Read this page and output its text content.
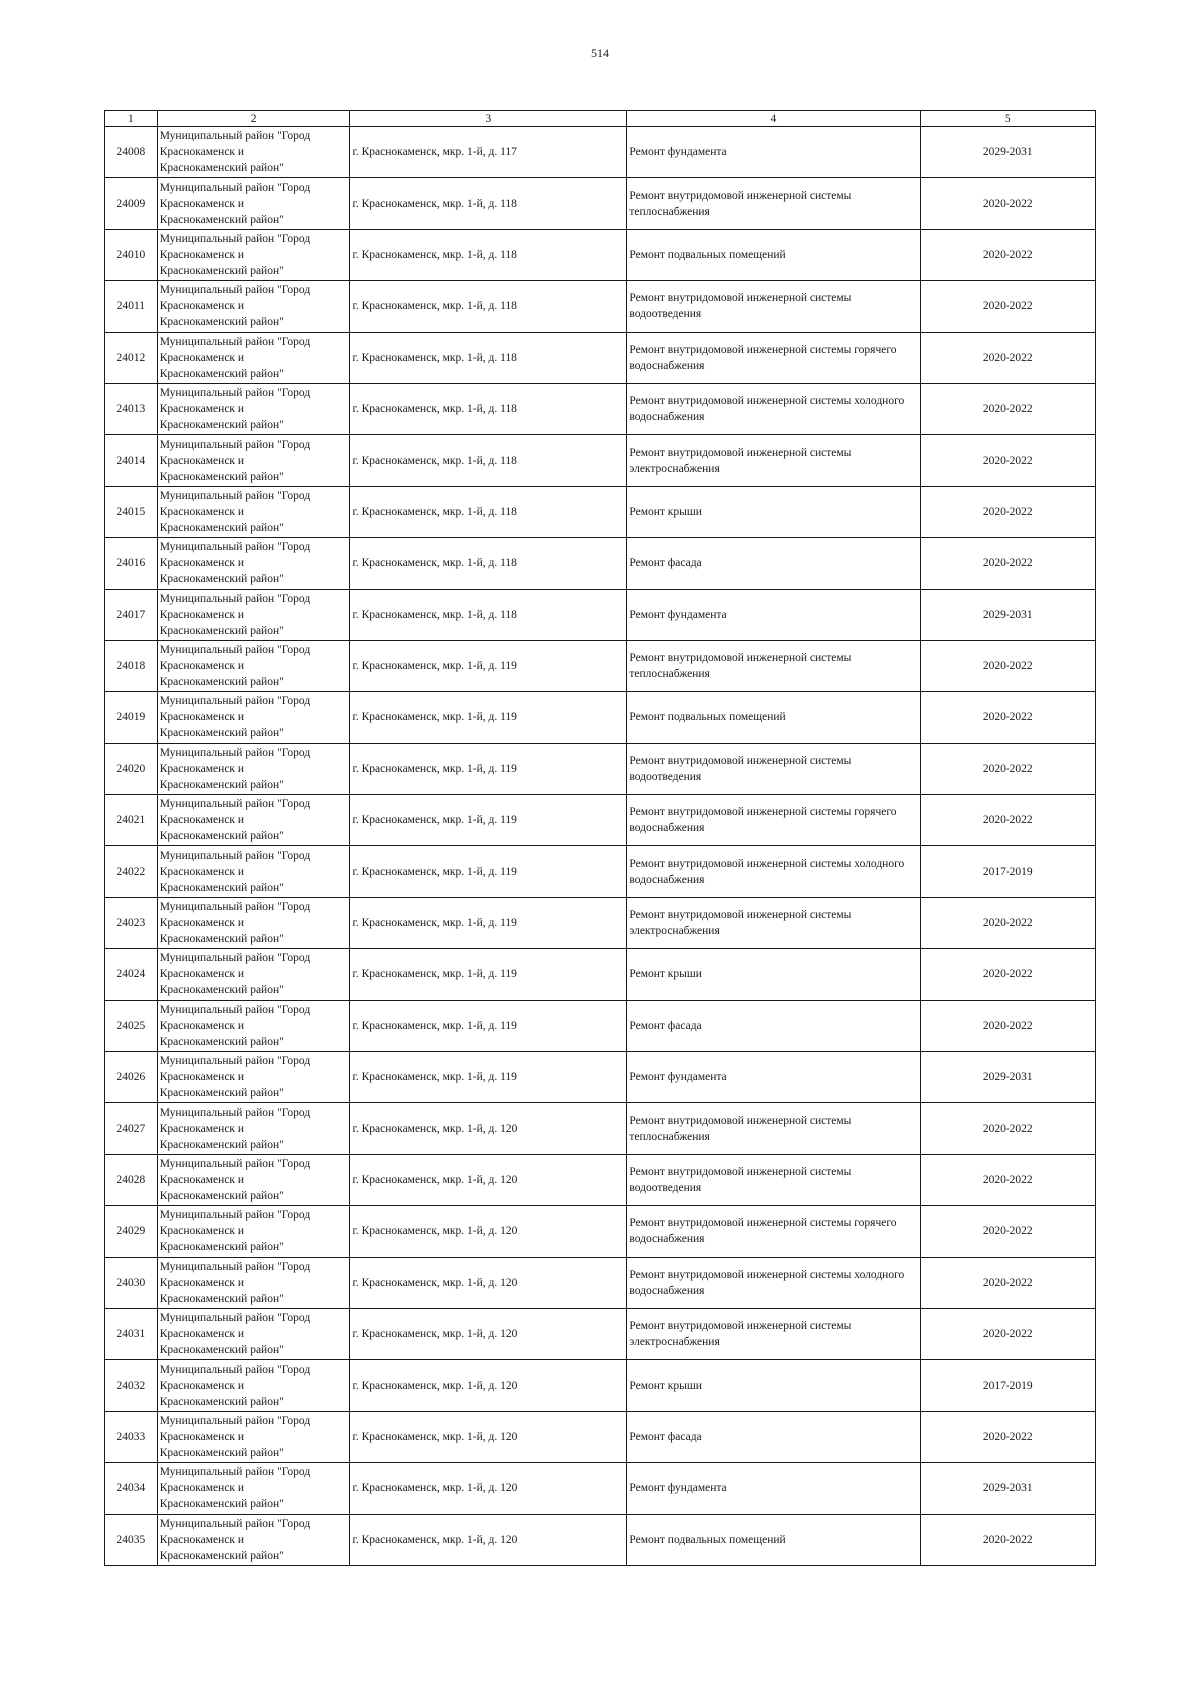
514
1	2	3	4	5
24008	Муниципальный район "Город
Краснокаменск и
Краснокаменский район"	г. Краснокаменск, мкр. 1-й, д. 117	Ремонт фундамента	2029-2031
24009	Муниципальный район "Город
Краснокаменск и
Краснокаменский район"	г. Краснокаменск, мкр. 1-й, д. 118	Ремонт внутридомовой инженерной системы теплоснабжения	2020-2022
24010	Муниципальный район "Город
Краснокаменск и
Краснокаменский район"	г. Краснокаменск, мкр. 1-й, д. 118	Ремонт подвальных помещений	2020-2022
24011	Муниципальный район "Город
Краснокаменск и
Краснокаменский район"	г. Краснокаменск, мкр. 1-й, д. 118	Ремонт внутридомовой инженерной системы водоотведения	2020-2022
24012	Муниципальный район "Город
Краснокаменск и
Краснокаменский район"	г. Краснокаменск, мкр. 1-й, д. 118	Ремонт внутридомовой инженерной системы горячего водоснабжения	2020-2022
24013	Муниципальный район "Город
Краснокаменск и
Краснокаменский район"	г. Краснокаменск, мкр. 1-й, д. 118	Ремонт внутридомовой инженерной системы холодного водоснабжения	2020-2022
24014	Муниципальный район "Город
Краснокаменск и
Краснокаменский район"	г. Краснокаменск, мкр. 1-й, д. 118	Ремонт внутридомовой инженерной системы электроснабжения	2020-2022
24015	Муниципальный район "Город
Краснокаменск и
Краснокаменский район"	г. Краснокаменск, мкр. 1-й, д. 118	Ремонт крыши	2020-2022
24016	Муниципальный район "Город
Краснокаменск и
Краснокаменский район"	г. Краснокаменск, мкр. 1-й, д. 118	Ремонт фасада	2020-2022
24017	Муниципальный район "Город
Краснокаменск и
Краснокаменский район"	г. Краснокаменск, мкр. 1-й, д. 118	Ремонт фундамента	2029-2031
24018	Муниципальный район "Город
Краснокаменск и
Краснокаменский район"	г. Краснокаменск, мкр. 1-й, д. 119	Ремонт внутридомовой инженерной системы теплоснабжения	2020-2022
24019	Муниципальный район "Город
Краснокаменск и
Краснокаменский район"	г. Краснокаменск, мкр. 1-й, д. 119	Ремонт подвальных помещений	2020-2022
24020	Муниципальный район "Город
Краснокаменск и
Краснокаменский район"	г. Краснокаменск, мкр. 1-й, д. 119	Ремонт внутридомовой инженерной системы водоотведения	2020-2022
24021	Муниципальный район "Город
Краснокаменск и
Краснокаменский район"	г. Краснокаменск, мкр. 1-й, д. 119	Ремонт внутридомовой инженерной системы горячего водоснабжения	2020-2022
24022	Муниципальный район "Город
Краснокаменск и
Краснокаменский район"	г. Краснокаменск, мкр. 1-й, д. 119	Ремонт внутридомовой инженерной системы холодного водоснабжения	2017-2019
24023	Муниципальный район "Город
Краснокаменск и
Краснокаменский район"	г. Краснокаменск, мкр. 1-й, д. 119	Ремонт внутридомовой инженерной системы электроснабжения	2020-2022
24024	Муниципальный район "Город
Краснокаменск и
Краснокаменский район"	г. Краснокаменск, мкр. 1-й, д. 119	Ремонт крыши	2020-2022
24025	Муниципальный район "Город
Краснокаменск и
Краснокаменский район"	г. Краснокаменск, мкр. 1-й, д. 119	Ремонт фасада	2020-2022
24026	Муниципальный район "Город
Краснокаменск и
Краснокаменский район"	г. Краснокаменск, мкр. 1-й, д. 119	Ремонт фундамента	2029-2031
24027	Муниципальный район "Город
Краснокаменск и
Краснокаменский район"	г. Краснокаменск, мкр. 1-й, д. 120	Ремонт внутридомовой инженерной системы теплоснабжения	2020-2022
24028	Муниципальный район "Город
Краснокаменск и
Краснокаменский район"	г. Краснокаменск, мкр. 1-й, д. 120	Ремонт внутридомовой инженерной системы водоотведения	2020-2022
24029	Муниципальный район "Город
Краснокаменск и
Краснокаменский район"	г. Краснокаменск, мкр. 1-й, д. 120	Ремонт внутридомовой инженерной системы горячего водоснабжения	2020-2022
24030	Муниципальный район "Город
Краснокаменск и
Краснокаменский район"	г. Краснокаменск, мкр. 1-й, д. 120	Ремонт внутридомовой инженерной системы холодного водоснабжения	2020-2022
24031	Муниципальный район "Город
Краснокаменск и
Краснокаменский район"	г. Краснокаменск, мкр. 1-й, д. 120	Ремонт внутридомовой инженерной системы электроснабжения	2020-2022
24032	Муниципальный район "Город
Краснокаменск и
Краснокаменский район"	г. Краснокаменск, мкр. 1-й, д. 120	Ремонт крыши	2017-2019
24033	Муниципальный район "Город
Краснокаменск и
Краснокаменский район"	г. Краснокаменск, мкр. 1-й, д. 120	Ремонт фасада	2020-2022
24034	Муниципальный район "Город
Краснокаменск и
Краснокаменский район"	г. Краснокаменск, мкр. 1-й, д. 120	Ремонт фундамента	2029-2031
24035	Муниципальный район "Город
Краснокаменск и
Краснокаменский район"	г. Краснокаменск, мкр. 1-й, д. 120	Ремонт подвальных помещений	2020-2022
